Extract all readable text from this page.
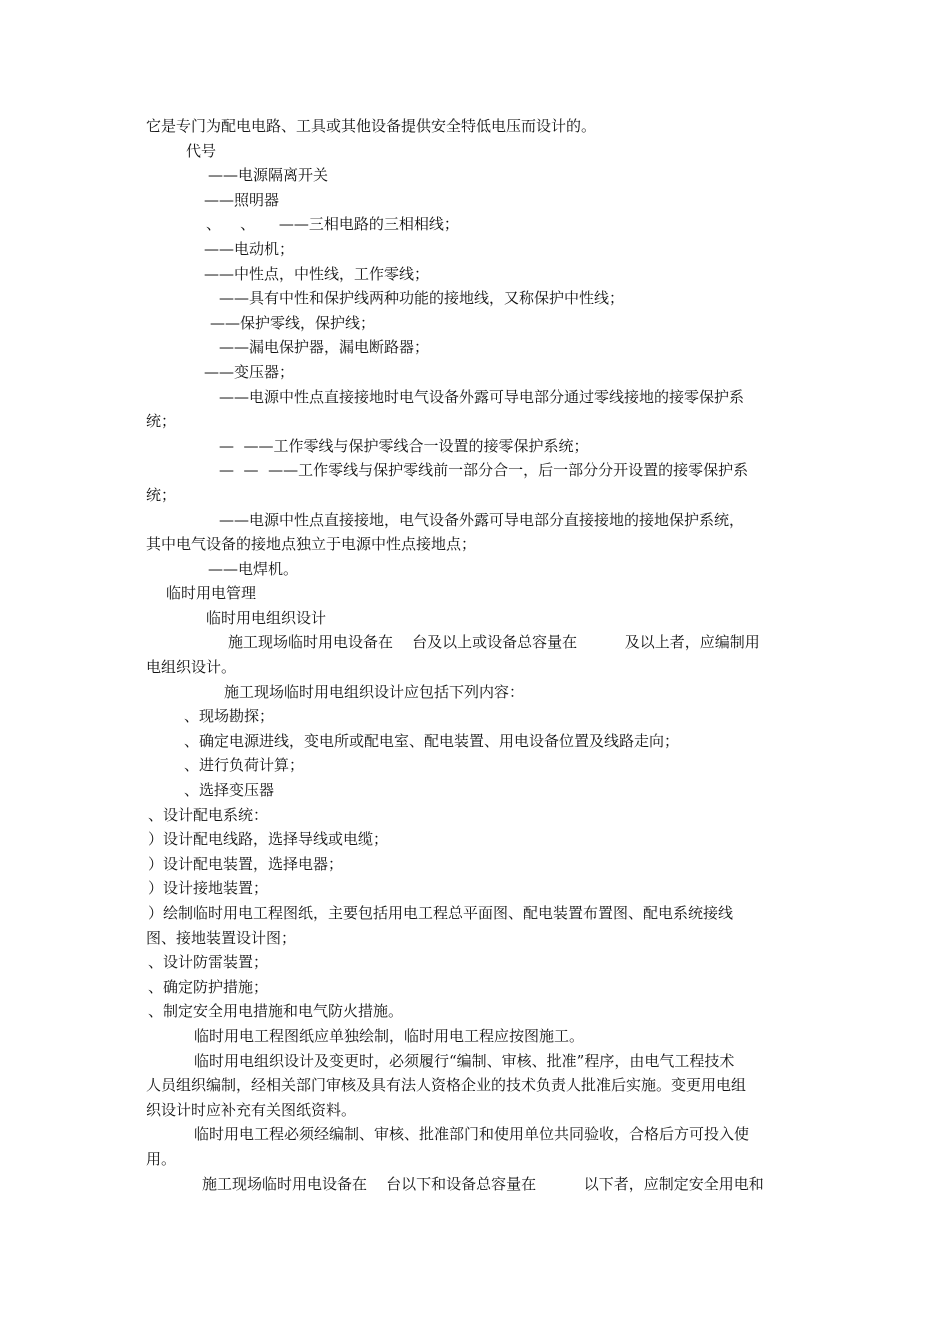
它是专门为配电电路、工具或其他设备提供安全特低电压而设计的。
代号
——电源隔离开关
——照明器
、    、     ——三相电路的三相相线；
——电动机；
——中性点，中性线，工作零线；
——具有中性和保护线两种功能的接地线，又称保护中性线；
——保护零线，保护线；
——漏电保护器，漏电断路器；
——变压器；
——电源中性点直接接地时电气设备外露可导电部分通过零线接地的接零保护系
统；
—  ——工作零线与保护零线合一设置的接零保护系统；
—  —  ——工作零线与保护零线前一部分合一，后一部分分开设置的接零保护系
统；
——电源中性点直接接地，电气设备外露可导电部分直接接地的接地保护系统，
其中电气设备的接地点独立于电源中性点接地点；
——电焊机。
临时用电管理
临时用电组织设计
施工现场临时用电设备在    台及以上或设备总容量在          及以上者，应编制用
电组织设计。
施工现场临时用电组织设计应包括下列内容：
、现场勘探；
、确定电源进线，变电所或配电室、配电装置、用电设备位置及线路走向；
、进行负荷计算；
、选择变压器
、设计配电系统：
）设计配电线路，选择导线或电缆；
）设计配电装置，选择电器；
）设计接地装置；
）绘制临时用电工程图纸，主要包括用电工程总平面图、配电装置布置图、配电系统接线
图、接地装置设计图；
、设计防雷装置；
、确定防护措施；
、制定安全用电措施和电气防火措施。
临时用电工程图纸应单独绘制，临时用电工程应按图施工。
临时用电组织设计及变更时，必须履行“编制、审核、批准”程序，由电气工程技术
人员组织编制，经相关部门审核及具有法人资格企业的技术负责人批准后实施。变更用电组
织设计时应补充有关图纸资料。
临时用电工程必须经编制、审核、批准部门和使用单位共同验收，合格后方可投入使
用。
施工现场临时用电设备在    台以下和设备总容量在          以下者，应制定安全用电和
